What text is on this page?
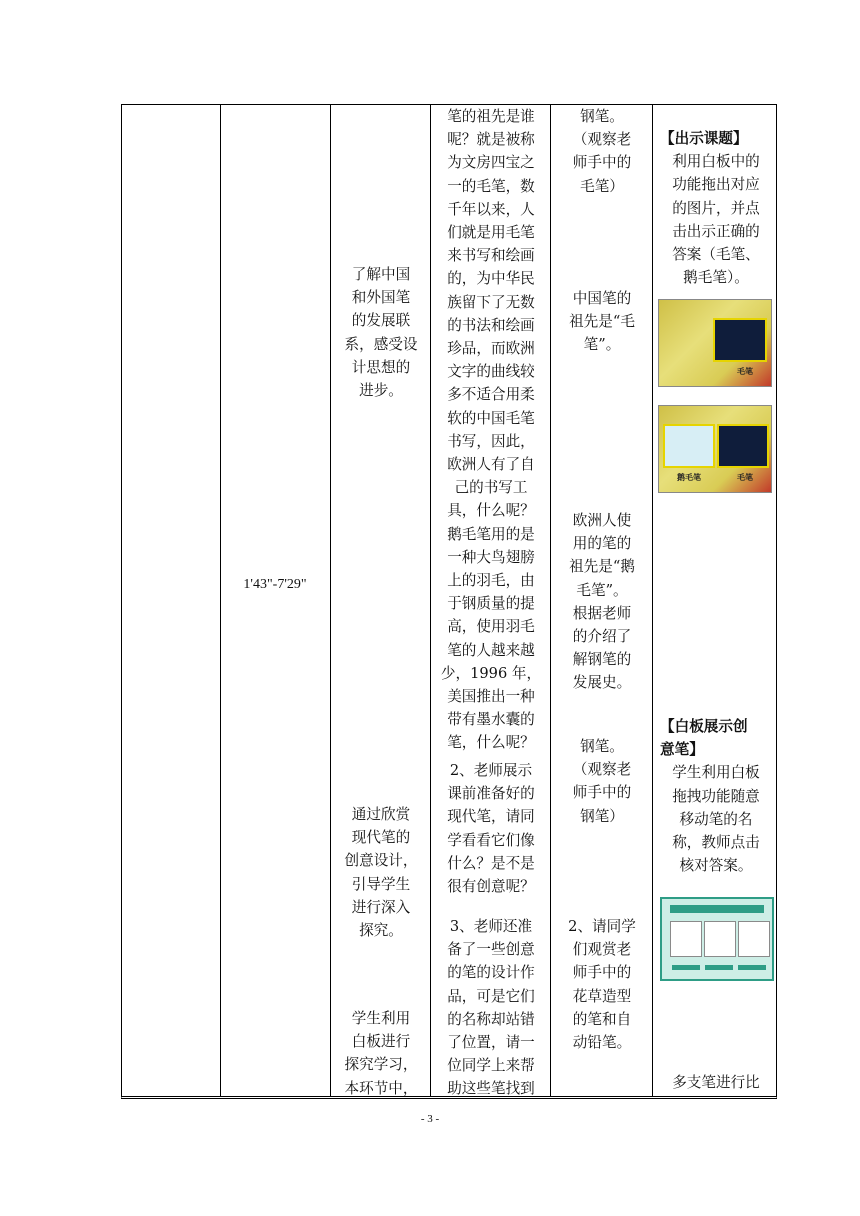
1'43"-7'29"

了解中国
和外国笔
的发展联
系，感受设
计思想的
进步。

通过欣赏
现代笔的
创意设计，
引导学生
进行深入
探究。

学生利用
白板进行
探究学习，
本环节中，

笔的祖先是谁
呢？就是被称
为文房四宝之
一的毛笔，数
千年以来，人
们就是用毛笔
来书写和绘画
的，为中华民
族留下了无数
的书法和绘画
珍品，而欧洲
文字的曲线较
多不适合用柔
软的中国毛笔
书写，因此，
欧洲人有了自
己的书写工
具，什么呢？
鹅毛笔用的是
一种大鸟翅膀
上的羽毛，由
于钢质量的提
高，使用羽毛
笔的人越来越
少，1996 年，
美国推出一种
带有墨水囊的
笔，什么呢？

2、老师展示
课前准备好的
现代笔，请同
学看看它们像
什么？是不是
很有创意呢？

3、老师还准
备了一些创意
的笔的设计作
品，可是它们
的名称却站错
了位置，请一
位同学上来帮
助这些笔找到

钢笔。
（观察老
师手中的
毛笔）

中国笔的
祖先是“毛
笔”。

欧洲人使
用的笔的
祖先是“鹅
毛笔”。
根据老师
的介绍了
解钢笔的
发展史。

钢笔。
（观察老
师手中的
钢笔）

2、请同学
们观赏老
师手中的
花草造型
的笔和自
动铅笔。

【出示课题】

利用白板中的
功能拖出对应
的图片，并点
击出示正确的
答案（毛笔、
鹅毛笔）。

毛笔
鹅毛笔	毛笔

【白板展示创
意笔】

学生利用白板
拖拽功能随意
移动笔的名
称，教师点击
核对答案。

多支笔进行比

- 3 -
